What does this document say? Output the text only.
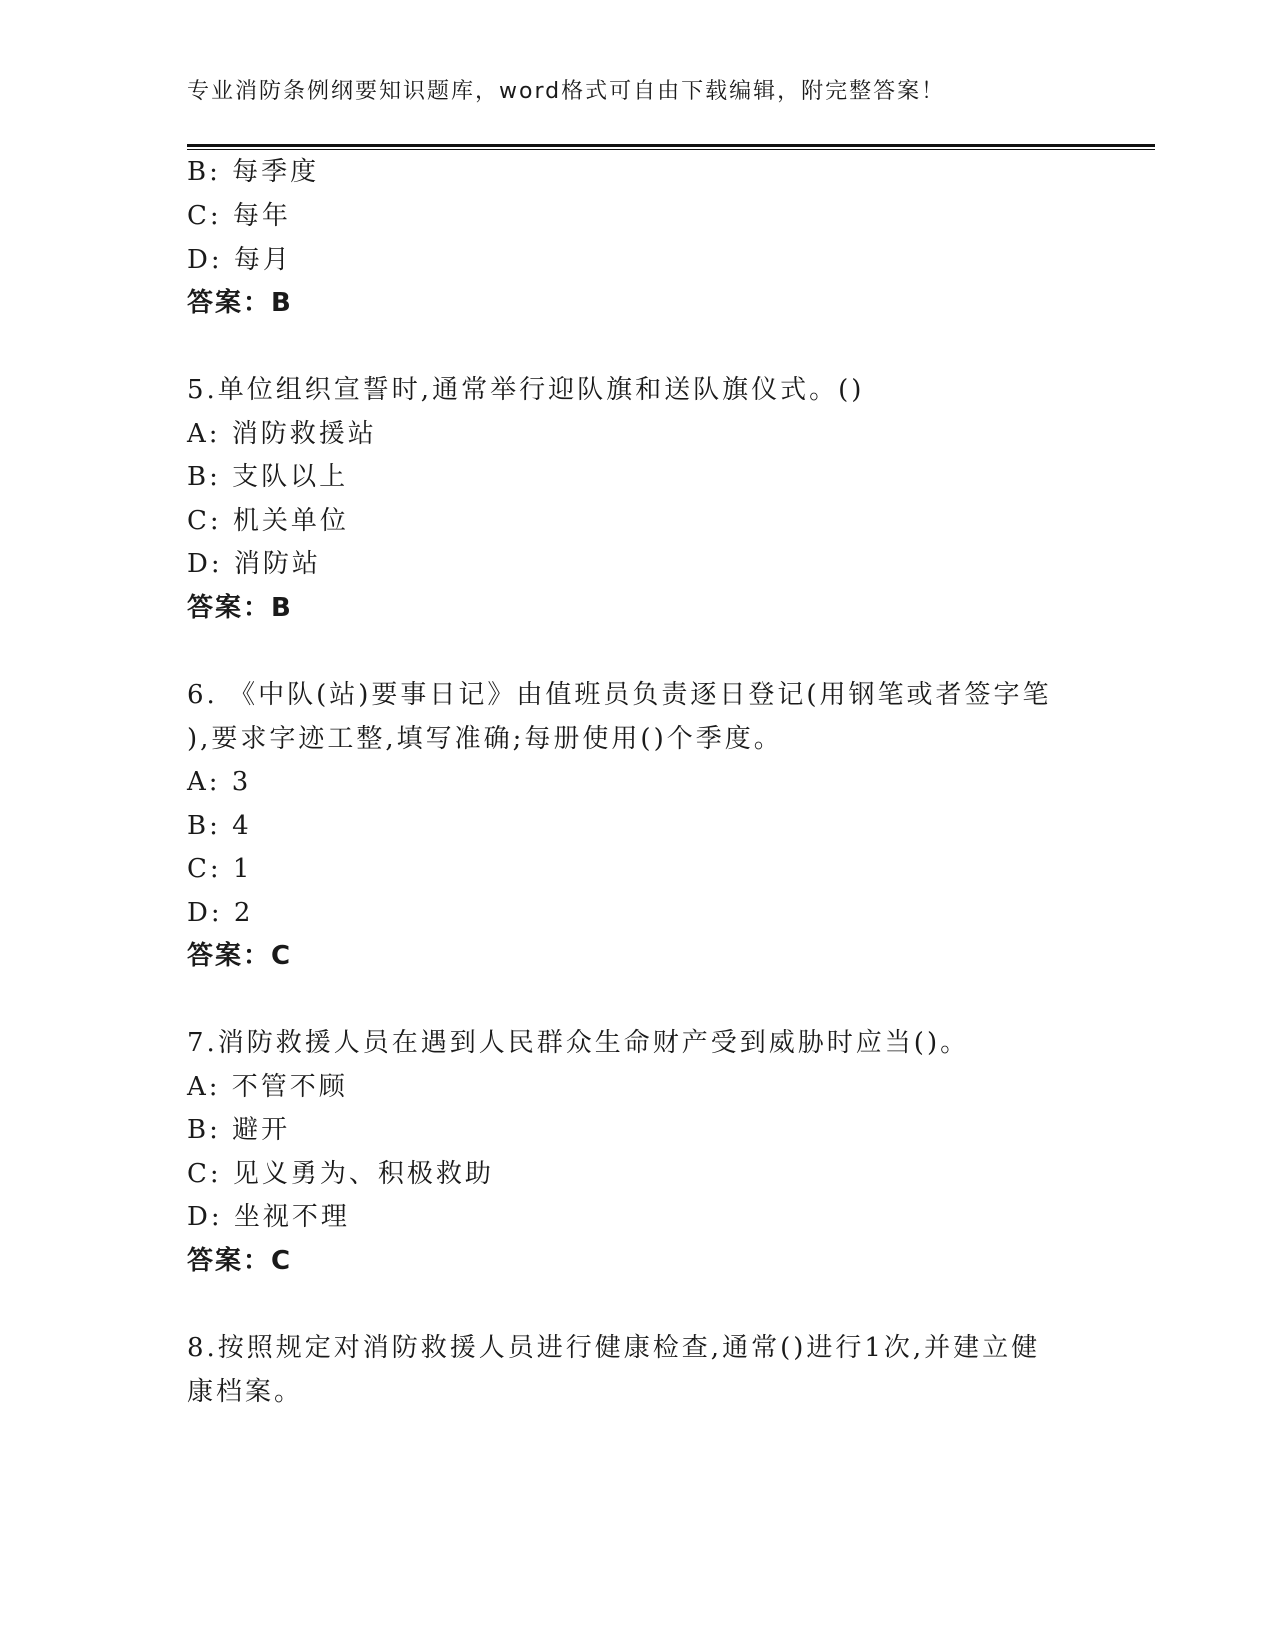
专业消防条例纲要知识题库，word格式可自由下载编辑，附完整答案！
B: 每季度
C: 每年
D: 每月
答案：B
5.单位组织宣誓时,通常举行迎队旗和送队旗仪式。()
A: 消防救援站
B: 支队以上
C: 机关单位
D: 消防站
答案：B
6. 《中队(站)要事日记》由值班员负责逐日登记(用钢笔或者签字笔
),要求字迹工整,填写准确;每册使用()个季度。
A: 3
B: 4
C: 1
D: 2
答案：C
7.消防救援人员在遇到人民群众生命财产受到威胁时应当()。
A: 不管不顾
B: 避开
C: 见义勇为、积极救助
D: 坐视不理
答案：C
8.按照规定对消防救援人员进行健康检查,通常()进行1次,并建立健
康档案。
